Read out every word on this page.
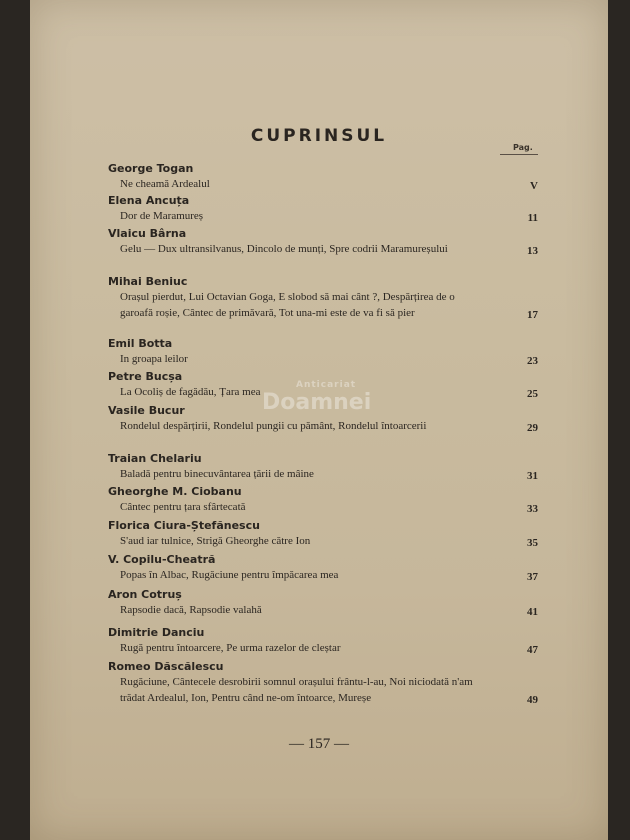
CUPRINSUL
Pag.
Anticariat
Doamnei
George Togan
Ne cheamă Ardealul	V
Elena Ancuța
Dor de Maramureș	11
Vlaicu Bârna
Gelu — Dux ultransilvanus, Dincolo de munți, Spre codrii Maramureșului	13
Mihai Beniuc
Orașul pierdut, Lui Octavian Goga, E slobod să mai cânt ?, Despărțirea de o garoafă roșie, Cântec de primăvară, Tot una-mi este de va fi să pier	17
Emil Botta
In groapa leilor	23
Petre Bucșa
La Ocoliș de fagădău, Țara mea	25
Vasile Bucur
Rondelul despărțirii, Rondelul pungii cu pământ, Rondelul întoarcerii	29
Traian Chelariu
Baladă pentru binecuvântarea țării de mâine	31
Gheorghe M. Ciobanu
Cântec pentru țara sfârtecată	33
Florica Ciura-Ștefănescu
S'aud iar tulnice, Strigă Gheorghe către Ion	35
V. Copilu-Cheatră
Popas în Albac, Rugăciune pentru împăcarea mea	37
Aron Cotruș
Rapsodie dacă, Rapsodie valahă	41
Dimitrie Danciu
Rugă pentru întoarcere, Pe urma razelor de cleștar	47
Romeo Dăscălescu
Rugăciune, Cântecele desrobirii somnul orașului frântu-l-au, Noi niciodată n'am trădat Ardealul, Ion, Pentru când ne-om întoarce, Mureșe	49
— 157 —
